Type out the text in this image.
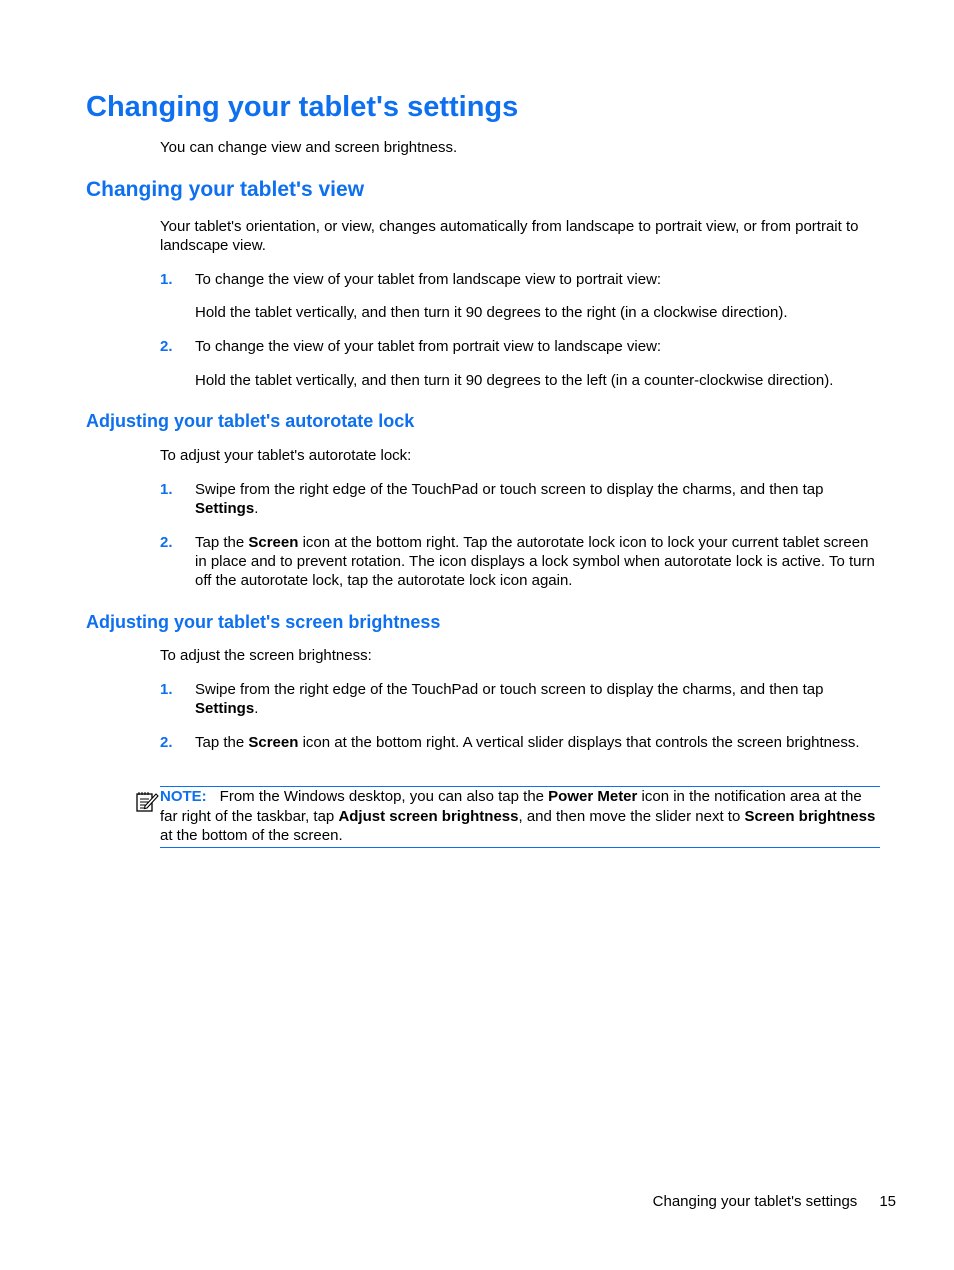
Changing your tablet's settings

You can change view and screen brightness.

Changing your tablet's view

Your tablet's orientation, or view, changes automatically from landscape to portrait view, or from portrait to landscape view.

1. To change the view of your tablet from landscape view to portrait view:
Hold the tablet vertically, and then turn it 90 degrees to the right (in a clockwise direction).
2. To change the view of your tablet from portrait view to landscape view:
Hold the tablet vertically, and then turn it 90 degrees to the left (in a counter-clockwise direction).
Adjusting your tablet's autorotate lock

To adjust your tablet's autorotate lock:

1. Swipe from the right edge of the TouchPad or touch screen to display the charms, and then tap Settings.
2. Tap the Screen icon at the bottom right. Tap the autorotate lock icon to lock your current tablet screen in place and to prevent rotation. The icon displays a lock symbol when autorotate lock is active. To turn off the autorotate lock, tap the autorotate lock icon again.
Adjusting your tablet's screen brightness

To adjust the screen brightness:

1. Swipe from the right edge of the TouchPad or touch screen to display the charms, and then tap Settings.
2. Tap the Screen icon at the bottom right. A vertical slider displays that controls the screen brightness.
NOTE: From the Windows desktop, you can also tap the Power Meter icon in the notification area at the far right of the taskbar, tap Adjust screen brightness, and then move the slider next to Screen brightness at the bottom of the screen.
Changing your tablet's settings 15
